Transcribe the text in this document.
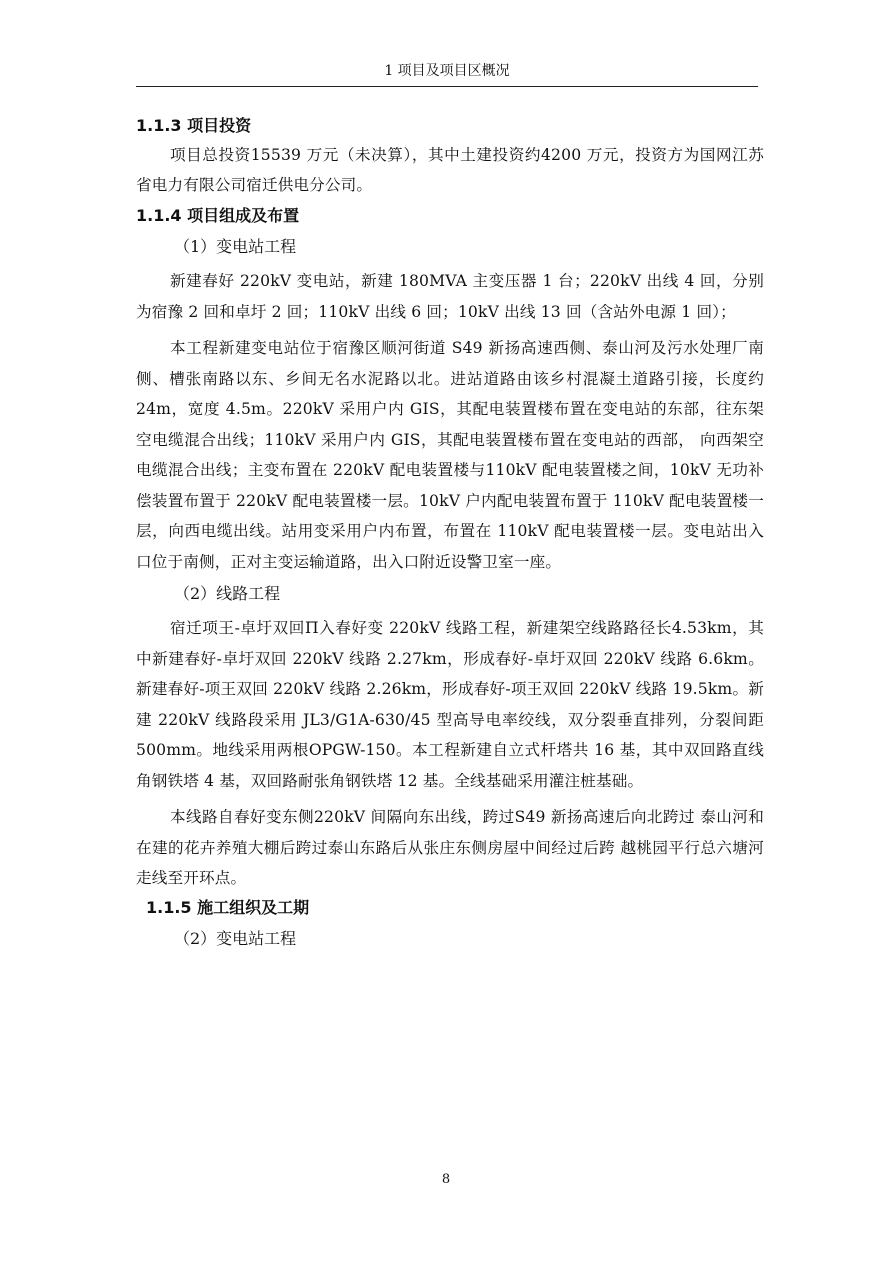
1 项目及项目区概况
1.1.3 项目投资

项目总投资15539 万元（未决算），其中土建投资约4200 万元，投资方为国网江苏省电力有限公司宿迁供电分公司。

1.1.4 项目组成及布置
（1）变电站工程

新建春好 220kV 变电站，新建 180MVA 主变压器 1 台；220kV 出线 4 回，分别为宿豫 2 回和卓圩 2 回；110kV 出线 6 回；10kV 出线 13 回（含站外电源 1 回）；

本工程新建变电站位于宿豫区顺河街道 S49 新扬高速西侧、泰山河及污水处理厂南侧、槽张南路以东、乡间无名水泥路以北。进站道路由该乡村混凝土道路引接，长度约 24m，宽度 4.5m。220kV 采用户内 GIS，其配电装置楼布置在变电站的东部，往东架空电缆混合出线；110kV 采用户内 GIS，其配电装置楼布置在变电站的西部， 向西架空电缆混合出线；主变布置在 220kV 配电装置楼与110kV 配电装置楼之间，10kV 无功补偿装置布置于 220kV 配电装置楼一层。10kV 户内配电装置布置于 110kV 配电装置楼一层，向西电缆出线。站用变采用户内布置，布置在 110kV 配电装置楼一层。变电站出入口位于南侧，正对主变运输道路，出入口附近设警卫室一座。

（2）线路工程

宿迁项王-卓圩双回Π入春好变 220kV 线路工程，新建架空线路路径长4.53km，其中新建春好-卓圩双回 220kV 线路 2.27km，形成春好-卓圩双回 220kV 线路 6.6km。新建春好-项王双回 220kV 线路 2.26km，形成春好-项王双回 220kV 线路 19.5km。新建 220kV 线路段采用 JL3/G1A-630/45 型高导电率绞线，双分裂垂直排列，分裂间距500mm。地线采用两根OPGW-150。本工程新建自立式杆塔共 16 基，其中双回路直线角钢铁塔 4 基，双回路耐张角钢铁塔 12 基。全线基础采用灌注桩基础。

本线路自春好变东侧220kV 间隔向东出线，跨过S49 新扬高速后向北跨过 泰山河和在建的花卉养殖大棚后跨过泰山东路后从张庄东侧房屋中间经过后跨 越桃园平行总六塘河走线至开环点。

1.1.5 施工组织及工期
（2）变电站工程
8
